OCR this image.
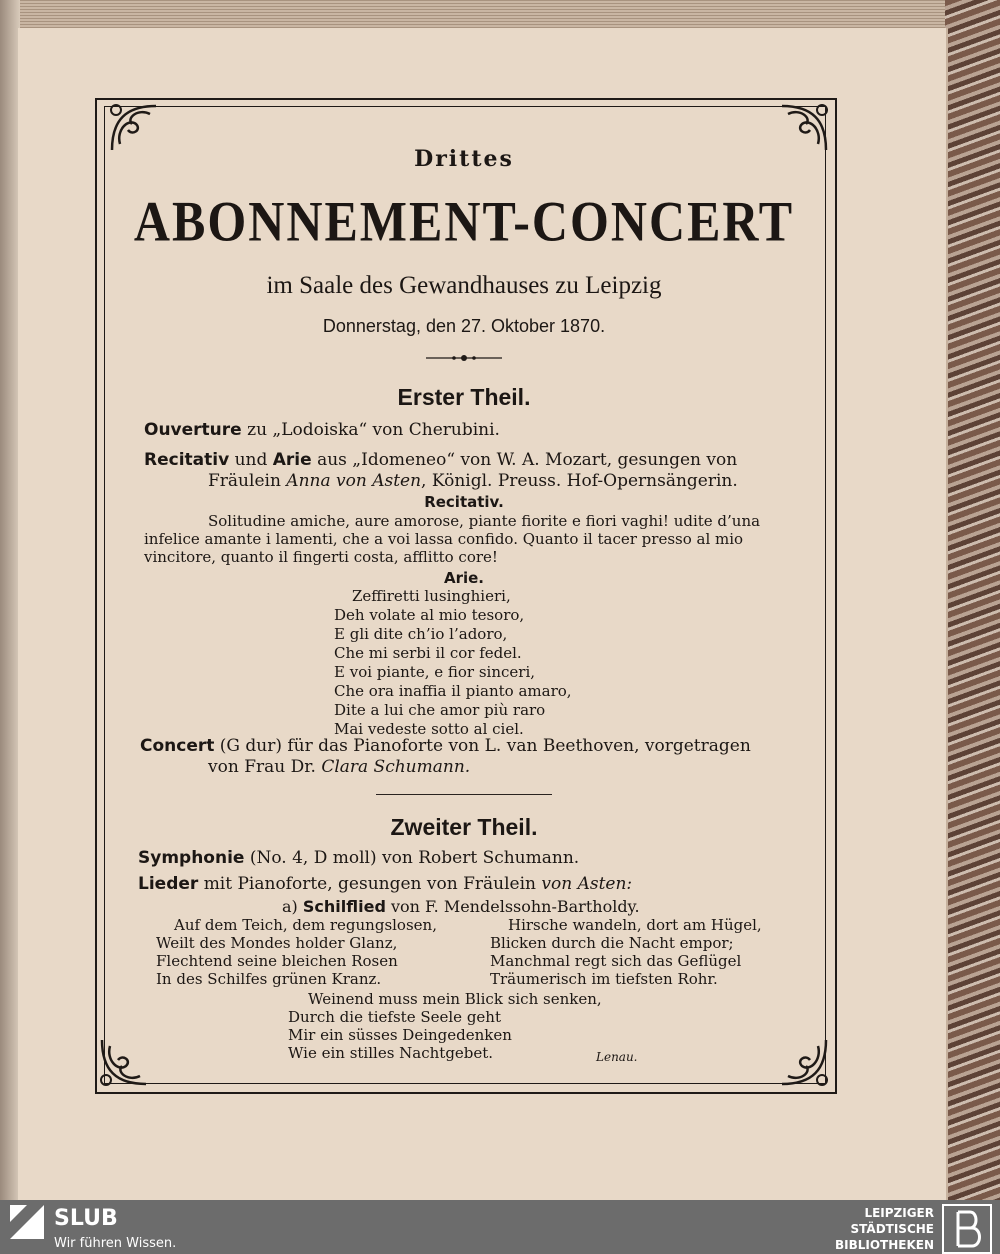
Drittes
ABONNEMENT-CONCERT
im Saale des Gewandhauses zu Leipzig
Donnerstag, den 27. Oktober 1870.
Erster Theil.
Ouverture zu „Lodoiska“ von Cherubini.
Recitativ und Arie aus „Idomeneo“ von W. A. Mozart, gesungen von
Fräulein Anna von Asten, Königl. Preuss. Hof-Opernsängerin.
Recitativ.
Solitudine amiche, aure amorose, piante fiorite e fiori vaghi! udite d’una
infelice amante i lamenti, che a voi lassa confido. Quanto il tacer presso al mio
vincitore, quanto il fingerti costa, afflitto core!
Arie.
Zeffiretti lusinghieri,
Deh volate al mio tesoro,
E gli dite ch’io l’adoro,
Che mi serbi il cor fedel.
E voi piante, e fior sinceri,
Che ora inaffia il pianto amaro,
Dite a lui che amor più raro
Mai vedeste sotto al ciel.
Concert (G dur) für das Pianoforte von L. van Beethoven, vorgetragen
von Frau Dr. Clara Schumann.
Zweiter Theil.
Symphonie (No. 4, D moll) von Robert Schumann.
Lieder mit Pianoforte, gesungen von Fräulein von Asten:
a) Schilflied von F. Mendelssohn-Bartholdy.
Auf dem Teich, dem regungslosen,
Weilt des Mondes holder Glanz,
Flechtend seine bleichen Rosen
In des Schilfes grünen Kranz.
Hirsche wandeln, dort am Hügel,
Blicken durch die Nacht empor;
Manchmal regt sich das Geflügel
Träumerisch im tiefsten Rohr.
Weinend muss mein Blick sich senken,
Durch die tiefste Seele geht
Mir ein süsses Deingedenken
Wie ein stilles Nachtgebet.	Lenau.
SLUB
Wir führen Wissen.
LEIPZIGER
STÄDTISCHE
BIBLIOTHEKEN
